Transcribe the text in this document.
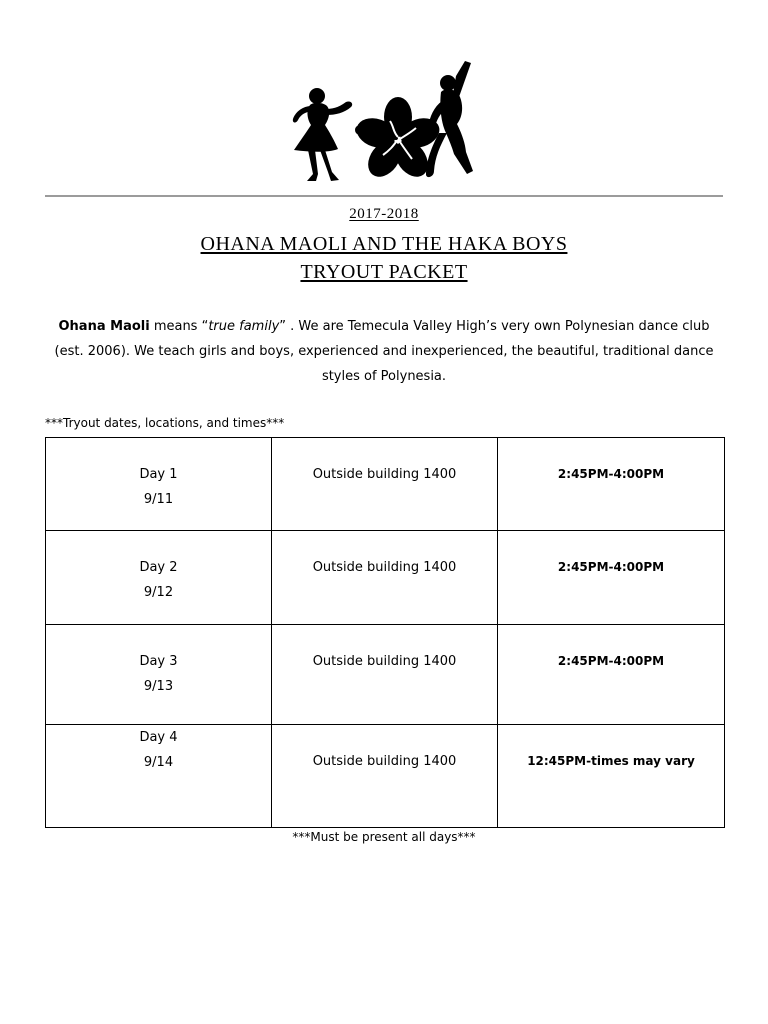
2017-2018
OHANA MAOLI AND THE HAKA BOYS
TRYOUT PACKET
Ohana Maoli means “true family” . We are Temecula Valley High’s very own Polynesian dance club (est. 2006). We teach girls and boys, experienced and inexperienced, the beautiful, traditional dance styles of Polynesia.
***Tryout dates, locations, and times***
Day 1
9/11	Outside building 1400	2:45PM-4:00PM

Day 2
9/12	Outside building 1400	2:45PM-4:00PM

Day 3
9/13	Outside building 1400	2:45PM-4:00PM

Day 4
9/14	Outside building 1400	12:45PM-times may vary
***Must be present all days***
